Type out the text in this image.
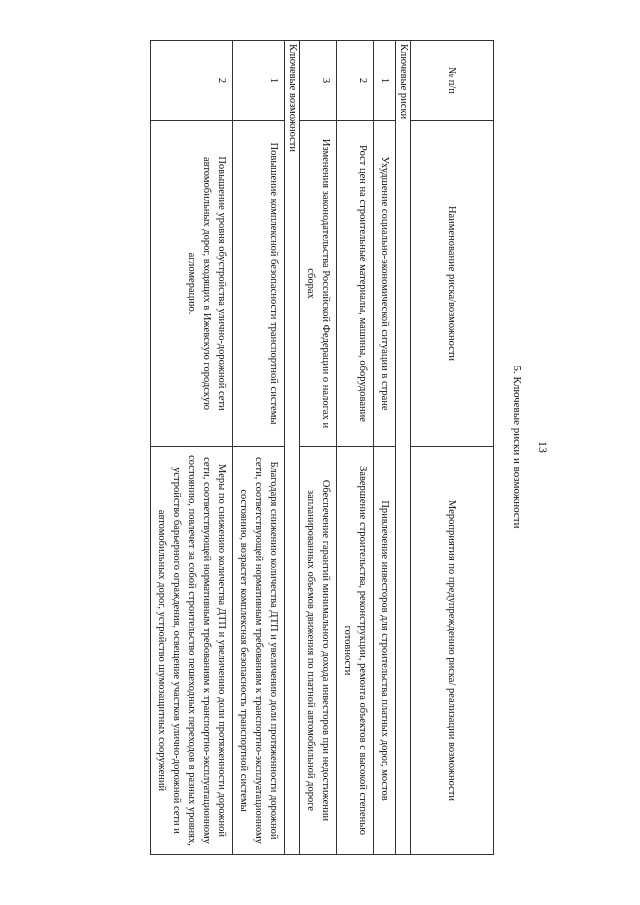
13
5. Ключевые риски и возможности
№ п/п	Наименование риска/возможности	Мероприятия по предупреждению риска/ реализации возможности
Ключевые риски		
1	Ухудшение социально-экономической ситуации в стране	Привлечение инвесторов для строительства платных дорог, мостов
2	Рост цен на строительные материалы, машины, оборудование	Завершение строительства, реконструкции, ремонта объектов с высокой степенью готовности
3	Изменения законодательства Российской Федерации о налогах и сборах	Обеспечение гарантий минимального дохода инвесторов при недостижении запланированных объемов движения по платной автомобильной дороге
Ключевые возможности		
1	Повышение комплексной безопасности транспортной системы	Благодаря снижению количества ДТП и увеличению доли протяженности дорожной сети, соответствующей нормативным требованиям к транспортно-эксплуатационному состоянию, возрастет комплексная безопасность транспортной системы
2	Повышение уровня обустройства улично-дорожной сети автомобильных дорог, входящих в Ижевскую городскую агломерацию.	Меры по снижению количества ДТП и увеличению доли протяженности дорожной сети, соответствующей нормативным требованиям к транспортно-эксплуатационному состоянию, повлечет за собой строительство пешеходных переходов в разных уровнях, устройство барьерного ограждения, освещение участков улично-дорожной сети и автомобильных дорог, устройство шумозащитных сооружений
